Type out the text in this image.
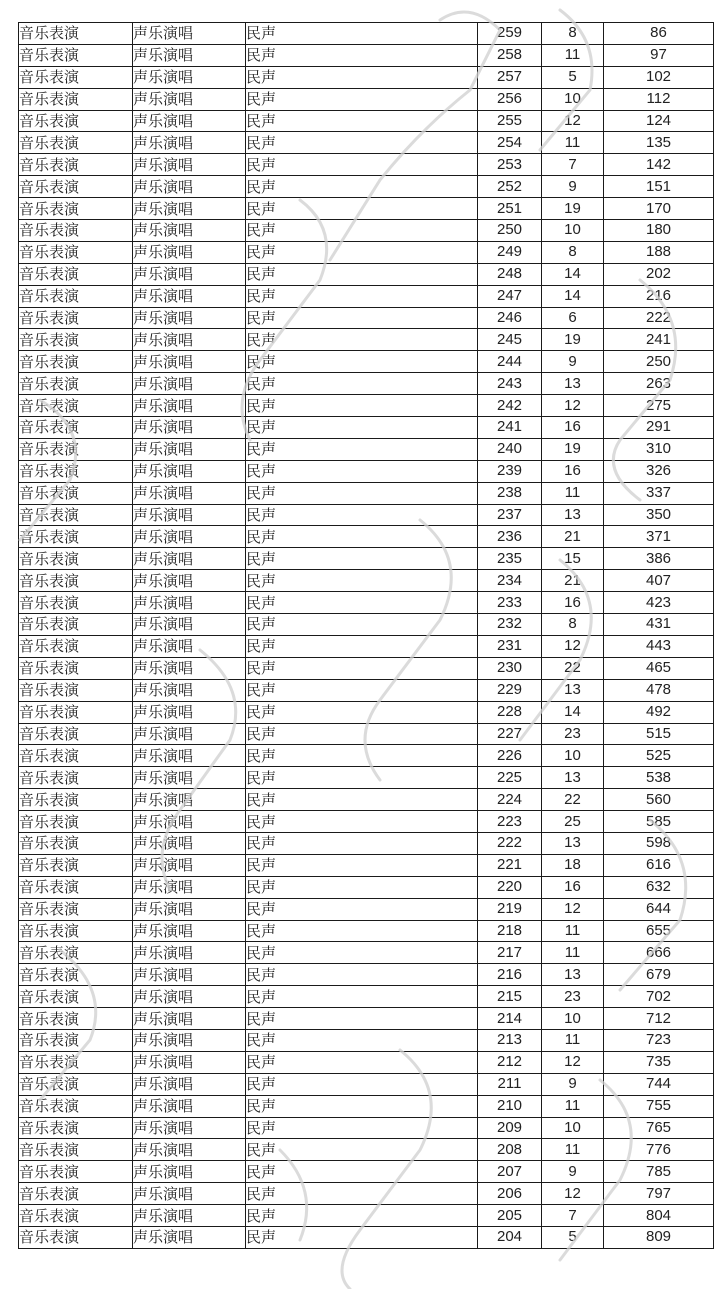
音乐表演	声乐演唱	民声	259	8	86
音乐表演	声乐演唱	民声	258	11	97
音乐表演	声乐演唱	民声	257	5	102
音乐表演	声乐演唱	民声	256	10	112
音乐表演	声乐演唱	民声	255	12	124
音乐表演	声乐演唱	民声	254	11	135
音乐表演	声乐演唱	民声	253	7	142
音乐表演	声乐演唱	民声	252	9	151
音乐表演	声乐演唱	民声	251	19	170
音乐表演	声乐演唱	民声	250	10	180
音乐表演	声乐演唱	民声	249	8	188
音乐表演	声乐演唱	民声	248	14	202
音乐表演	声乐演唱	民声	247	14	216
音乐表演	声乐演唱	民声	246	6	222
音乐表演	声乐演唱	民声	245	19	241
音乐表演	声乐演唱	民声	244	9	250
音乐表演	声乐演唱	民声	243	13	263
音乐表演	声乐演唱	民声	242	12	275
音乐表演	声乐演唱	民声	241	16	291
音乐表演	声乐演唱	民声	240	19	310
音乐表演	声乐演唱	民声	239	16	326
音乐表演	声乐演唱	民声	238	11	337
音乐表演	声乐演唱	民声	237	13	350
音乐表演	声乐演唱	民声	236	21	371
音乐表演	声乐演唱	民声	235	15	386
音乐表演	声乐演唱	民声	234	21	407
音乐表演	声乐演唱	民声	233	16	423
音乐表演	声乐演唱	民声	232	8	431
音乐表演	声乐演唱	民声	231	12	443
音乐表演	声乐演唱	民声	230	22	465
音乐表演	声乐演唱	民声	229	13	478
音乐表演	声乐演唱	民声	228	14	492
音乐表演	声乐演唱	民声	227	23	515
音乐表演	声乐演唱	民声	226	10	525
音乐表演	声乐演唱	民声	225	13	538
音乐表演	声乐演唱	民声	224	22	560
音乐表演	声乐演唱	民声	223	25	585
音乐表演	声乐演唱	民声	222	13	598
音乐表演	声乐演唱	民声	221	18	616
音乐表演	声乐演唱	民声	220	16	632
音乐表演	声乐演唱	民声	219	12	644
音乐表演	声乐演唱	民声	218	11	655
音乐表演	声乐演唱	民声	217	11	666
音乐表演	声乐演唱	民声	216	13	679
音乐表演	声乐演唱	民声	215	23	702
音乐表演	声乐演唱	民声	214	10	712
音乐表演	声乐演唱	民声	213	11	723
音乐表演	声乐演唱	民声	212	12	735
音乐表演	声乐演唱	民声	211	9	744
音乐表演	声乐演唱	民声	210	11	755
音乐表演	声乐演唱	民声	209	10	765
音乐表演	声乐演唱	民声	208	11	776
音乐表演	声乐演唱	民声	207	9	785
音乐表演	声乐演唱	民声	206	12	797
音乐表演	声乐演唱	民声	205	7	804
音乐表演	声乐演唱	民声	204	5	809
